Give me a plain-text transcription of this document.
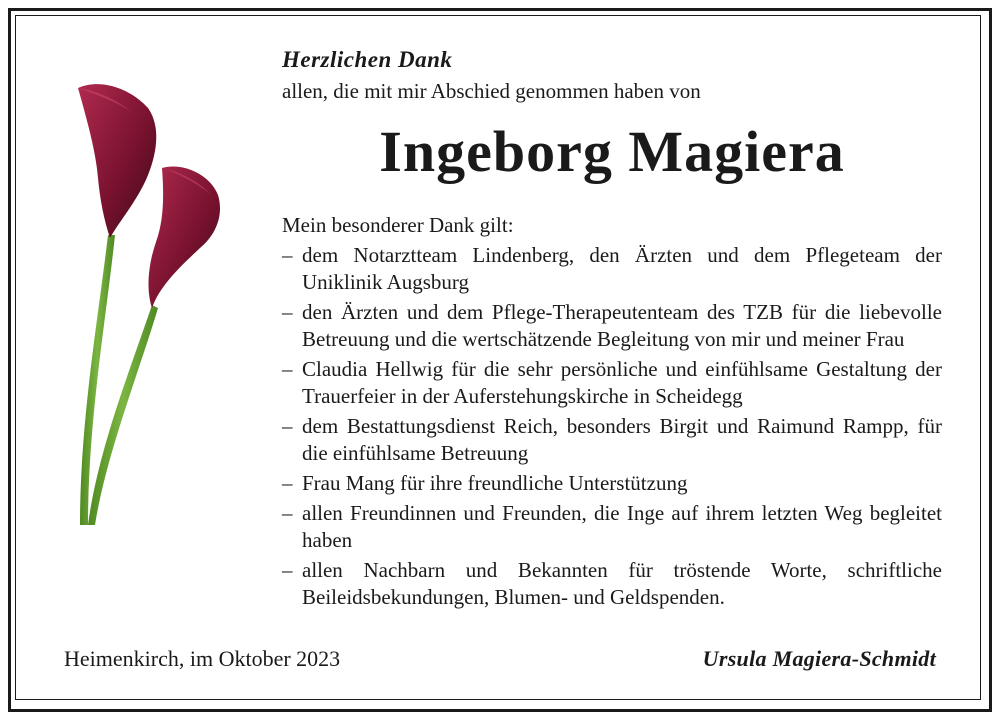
Herzlichen Dank

allen, die mit mir Abschied genommen haben von

Ingeborg Magiera

Mein besonderer Dank gilt:

– dem Notarztteam Lindenberg, den Ärzten und dem Pflegeteam der Uniklinik Augsburg
– den Ärzten und dem Pflege-Therapeutenteam des TZB für die liebevolle Betreuung und die wertschätzende Begleitung von mir und meiner Frau
– Claudia Hellwig für die sehr persönliche und einfühlsame Gestaltung der Trauerfeier in der Auferstehungskirche in Scheidegg
– dem Bestattungsdienst Reich, besonders Birgit und Raimund Rampp, für die einfühlsame Betreuung
– Frau Mang für ihre freundliche Unterstützung
– allen Freundinnen und Freunden, die Inge auf ihrem letzten Weg begleitet haben
– allen Nachbarn und Bekannten für tröstende Worte, schriftliche Beileidsbekundungen, Blumen- und Geldspenden.

Heimenkirch, im Oktober 2023	Ursula Magiera-Schmidt
